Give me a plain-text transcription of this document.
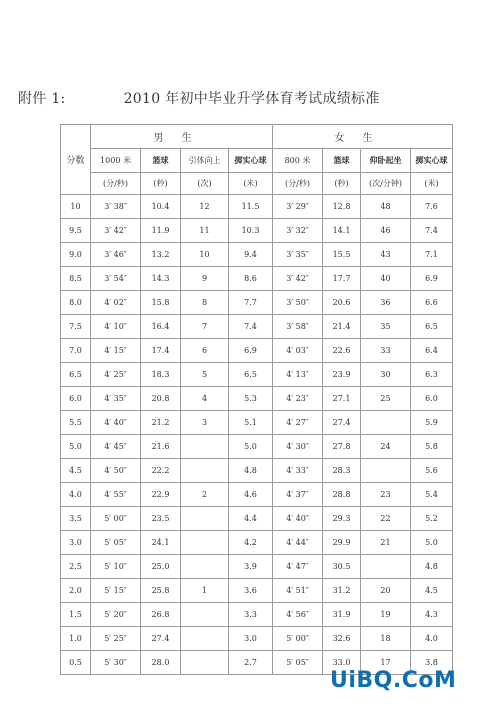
附件 1:	2010 年初中毕业升学体育考试成绩标准
分数	男生				女生			
	1000 米	篮球	引体向上	掷实心球	800 米	篮球	仰卧起坐	掷实心球
	(分/秒)	(秒)	(次)	(米)	(分/秒)	(秒)	(次/分钟)	(米)
10	3′ 38″	10.4	12	11.5	3′ 29″	12.8	48	7.6
9.5	3′ 42″	11.9	11	10.3	3′ 32″	14.1	46	7.4
9.0	3′ 46″	13.2	10	9.4	3′ 35″	15.5	43	7.1
8.5	3′ 54″	14.3	9	8.6	3′ 42″	17.7	40	6.9
8.0	4′ 02″	15.8	8	7.7	3′ 50″	20.6	36	6.6
7.5	4′ 10″	16.4	7	7.4	3′ 58″	21.4	35	6.5
7.0	4′ 15″	17.4	6	6.9	4′ 03″	22.6	33	6.4
6.5	4′ 25″	18.3	5	6.5	4′ 13″	23.9	30	6.3
6.0	4′ 35″	20.8	4	5.3	4′ 23″	27.1	25	6.0
5.5	4′ 40″	21.2	3	5.1	4′ 27″	27.4		5.9
5.0	4′ 45″	21.6		5.0	4′ 30″	27.8	24	5.8
4.5	4′ 50″	22.2		4.8	4′ 33″	28.3		5.6
4.0	4′ 55″	22.9	2	4.6	4′ 37″	28.8	23	5.4
3.5	5′ 00″	23.5		4.4	4′ 40″	29.3	22	5.2
3.0	5′ 05″	24.1		4.2	4′ 44″	29.9	21	5.0
2.5	5′ 10″	25.0		3.9	4′ 47″	30.5		4.8
2.0	5′ 15″	25.8	1	3.6	4′ 51″	31.2	20	4.5
1.5	5′ 20″	26.8		3.3	4′ 56″	31.9	19	4.3
1.0	5′ 25″	27.4		3.0	5′ 00″	32.6	18	4.0
0.5	5′ 30″	28.0		2.7	5′ 05″	33.0	17	3.8
UiBQ.CoM
